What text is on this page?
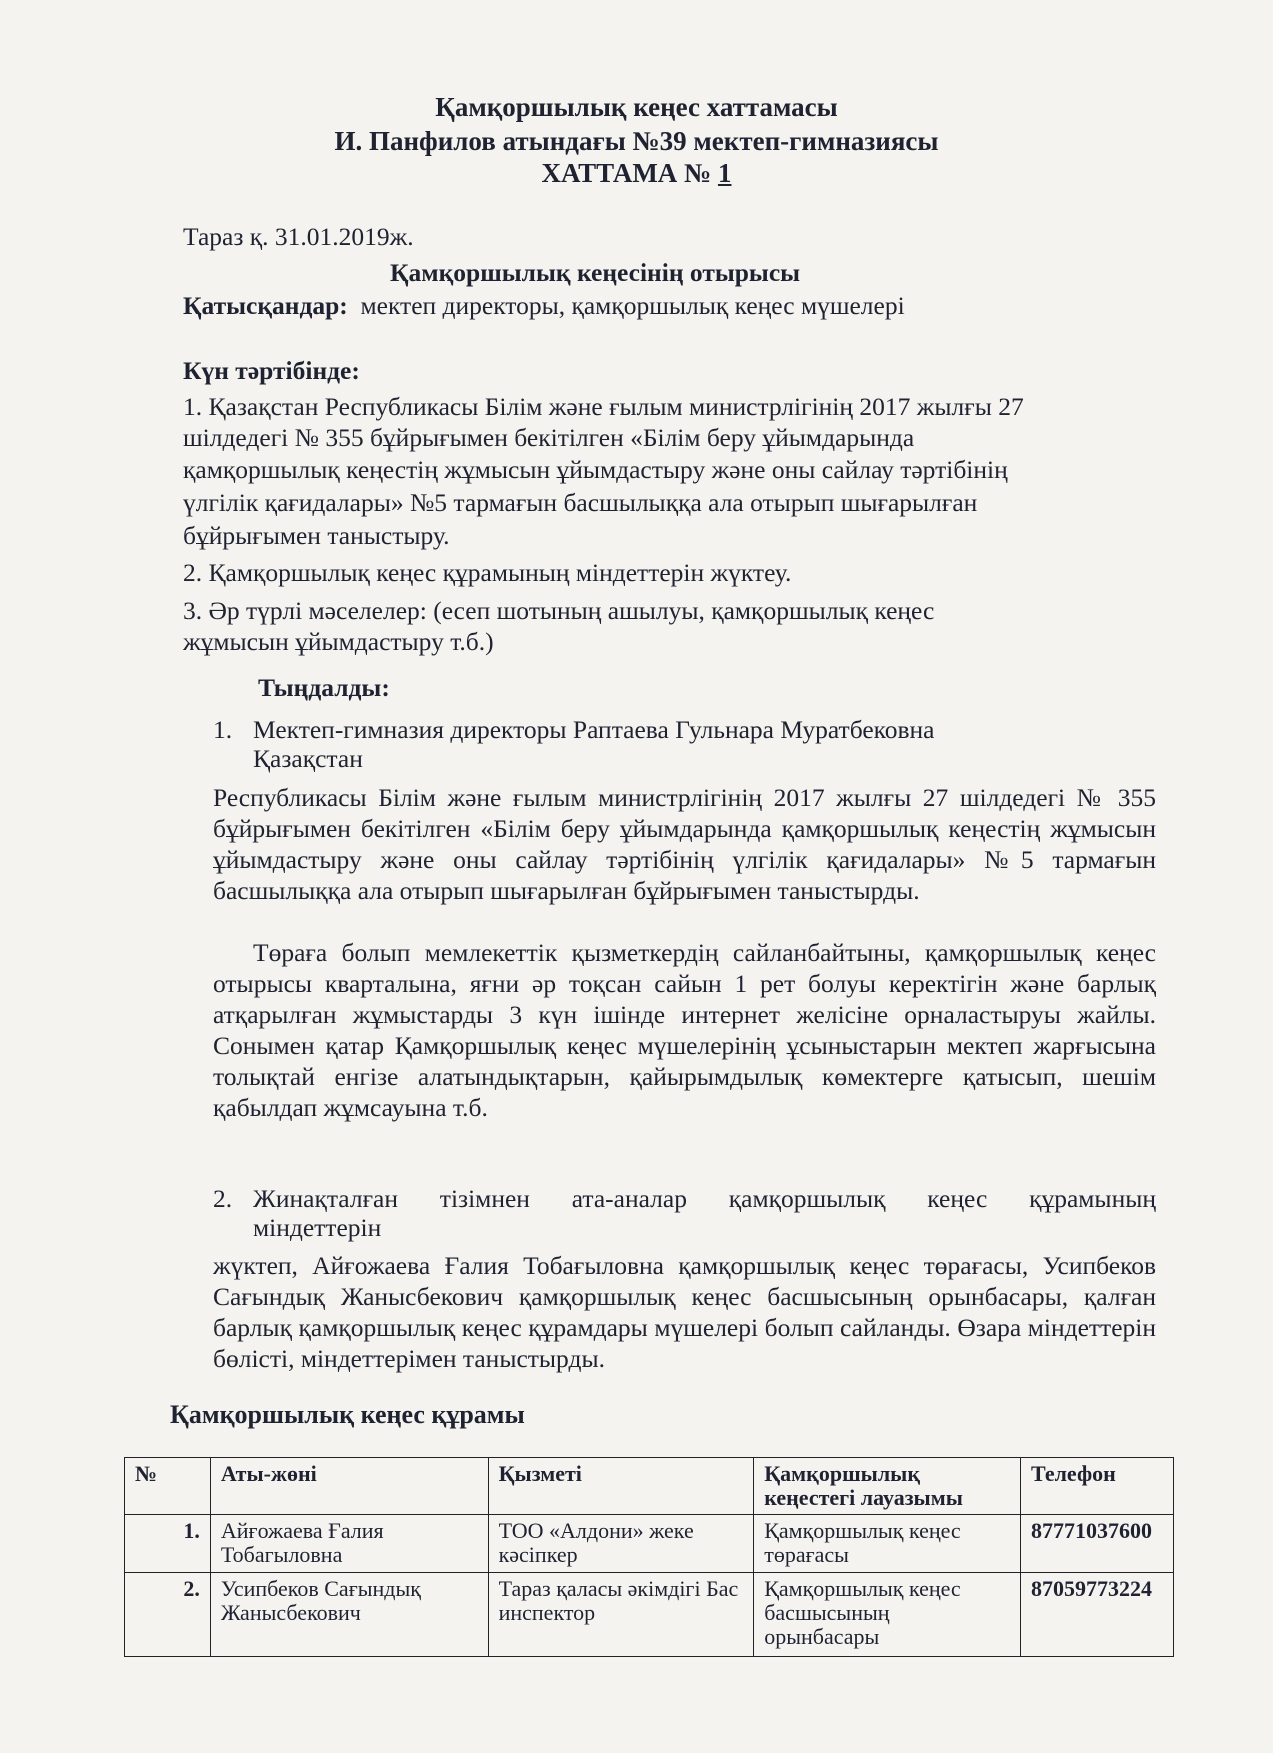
Қамқоршылық кеңес хаттамасы
И. Панфилов атындағы №39 мектеп-гимназиясы
ХАТТАМА № 1
Тараз қ. 31.01.2019ж.
Қамқоршылық кеңесінің отырысы
Қатысқандар: мектеп директоры, қамқоршылық кеңес мүшелері
Күн тәртібінде:
1. Қазақстан Республикасы Білім және ғылым министрлігінің 2017 жылғы 27
шілдедегі № 355 бұйрығымен бекітілген «Білім беру ұйымдарында
қамқоршылық кеңестің жұмысын ұйымдастыру және оны сайлау тәртібінің
үлгілік қағидалары» №5 тармағын басшылыққа ала отырып шығарылған
бұйрығымен таныстыру.
2. Қамқоршылық кеңес құрамының міндеттерін жүктеу.
3. Әр түрлі мәселелер: (есеп шотының ашылуы, қамқоршылық кеңес
жұмысын ұйымдастыру т.б.)
Тыңдалды:
1. Мектеп-гимназия директоры Раптаева Гульнара Муратбековна
Қазақстан
Республикасы Білім және ғылым министрлігінің 2017 жылғы 27 шілдедегі № 355 бұйрығымен бекітілген «Білім беру ұйымдарында қамқоршылық кеңестің жұмысын ұйымдастыру және оны сайлау тәртібінің үлгілік қағидалары» №5 тармағын басшылыққа ала отырып шығарылған бұйрығымен таныстырды.
Төраға болып мемлекеттік қызметкердің сайланбайтыны, қамқоршылық кеңес отырысы кварталына, яғни әр тоқсан сайын 1 рет болуы керектігін және барлық атқарылған жұмыстарды 3 күн ішінде интернет желісіне орналастыруы жайлы. Сонымен қатар Қамқоршылық кеңес мүшелерінің ұсыныстарын мектеп жарғысына толықтай енгізе алатындықтарын, қайырымдылық көмектерге қатысып, шешім қабылдап жұмсауына т.б.
2. Жинақталған тізімнен ата-аналар қамқоршылық кеңес құрамының
міндеттерін
жүктеп, Айғожаева Ғалия Тобағыловна қамқоршылық кеңес төрағасы, Усипбеков Сағындық Жанысбекович қамқоршылық кеңес басшысының орынбасары, қалған барлық қамқоршылық кеңес құрамдары мүшелері болып сайланды. Өзара міндеттерін бөлісті, міндеттерімен таныстырды.
Қамқоршылық кеңес құрамы
№	Аты-жөні	Қызметі	Қамқоршылық кеңестегі лауазымы	Телефон
1.	Айғожаева Ғалия Тобагыловна	ТОО «Алдони» жеке кәсіпкер	Қамқоршылық кеңес төрағасы	87771037600
2.	Усипбеков Сағындық Жанысбекович	Тараз қаласы әкімдігі Бас инспектор	Қамқоршылық кеңес басшысының орынбасары	87059773224
